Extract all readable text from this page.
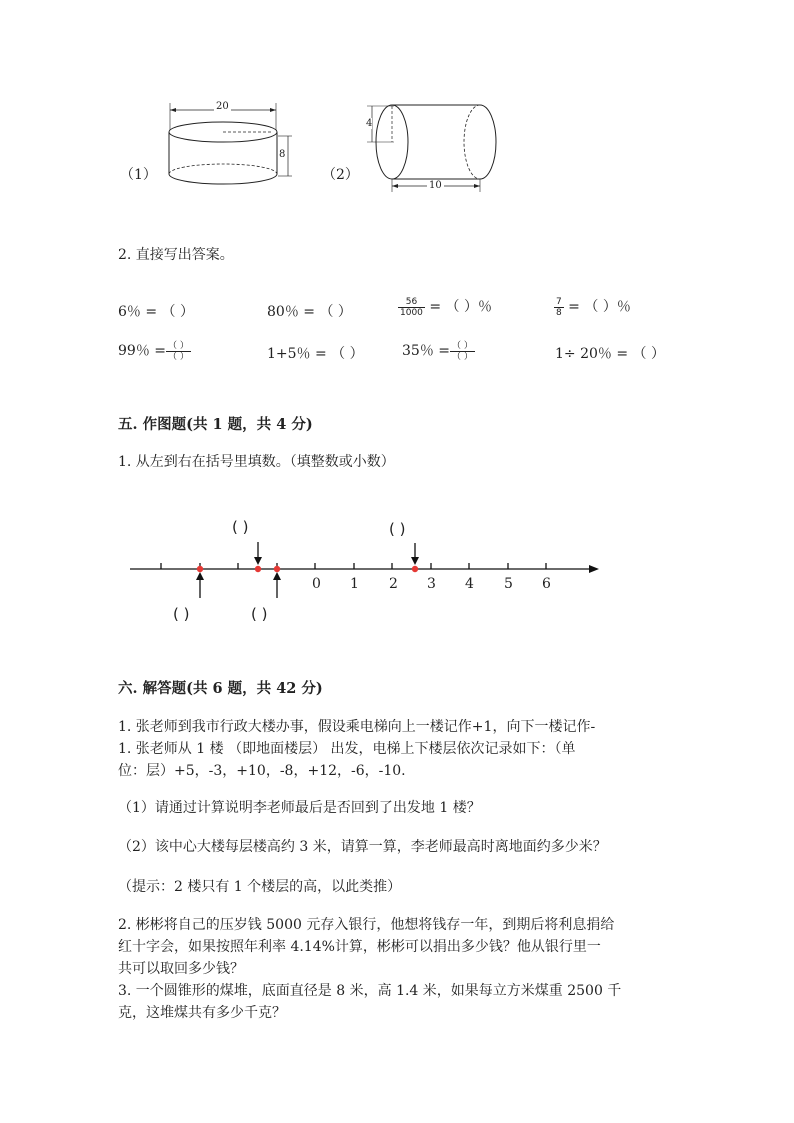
（1）
20
8
（2）
4
10
2. 直接写出答案。
6％ = （ ）	80％ = （ ）	$\frac{56}{1000}$ = （ ）％	$\frac{7}{8}$ = （ ）％
99％ = $\frac{( )}{( )}$	1+5％ = （ ）	35％ = $\frac{( )}{( )}$	1÷ 20％ = （ ）
五. 作图题(共 1 题，共 4 分)
1. 从左到右在括号里填数。（填整数或小数）
( )	( )
( )	( )
0 1 2 3 4 5 6
六. 解答题(共 6 题，共 42 分)
1. 张老师到我市行政大楼办事，假设乘电梯向上一楼记作+1，向下一楼记作-
1. 张老师从 1 楼 （即地面楼层） 出发，电梯上下楼层依次记录如下：（单
位：层）+5，-3，+10，-8，+12，-6，-10.
（1）请通过计算说明李老师最后是否回到了出发地 1 楼？
（2）该中心大楼每层楼高约 3 米，请算一算，李老师最高时离地面约多少米？
（提示：2 楼只有 1 个楼层的高，以此类推）
2. 彬彬将自己的压岁钱 5000 元存入银行，他想将钱存一年，到期后将利息捐给
红十字会，如果按照年利率 4.14%计算，彬彬可以捐出多少钱？他从银行里一
共可以取回多少钱？
3. 一个圆锥形的煤堆，底面直径是 8 米，高 1.4 米，如果每立方米煤重 2500 千
克，这堆煤共有多少千克？
